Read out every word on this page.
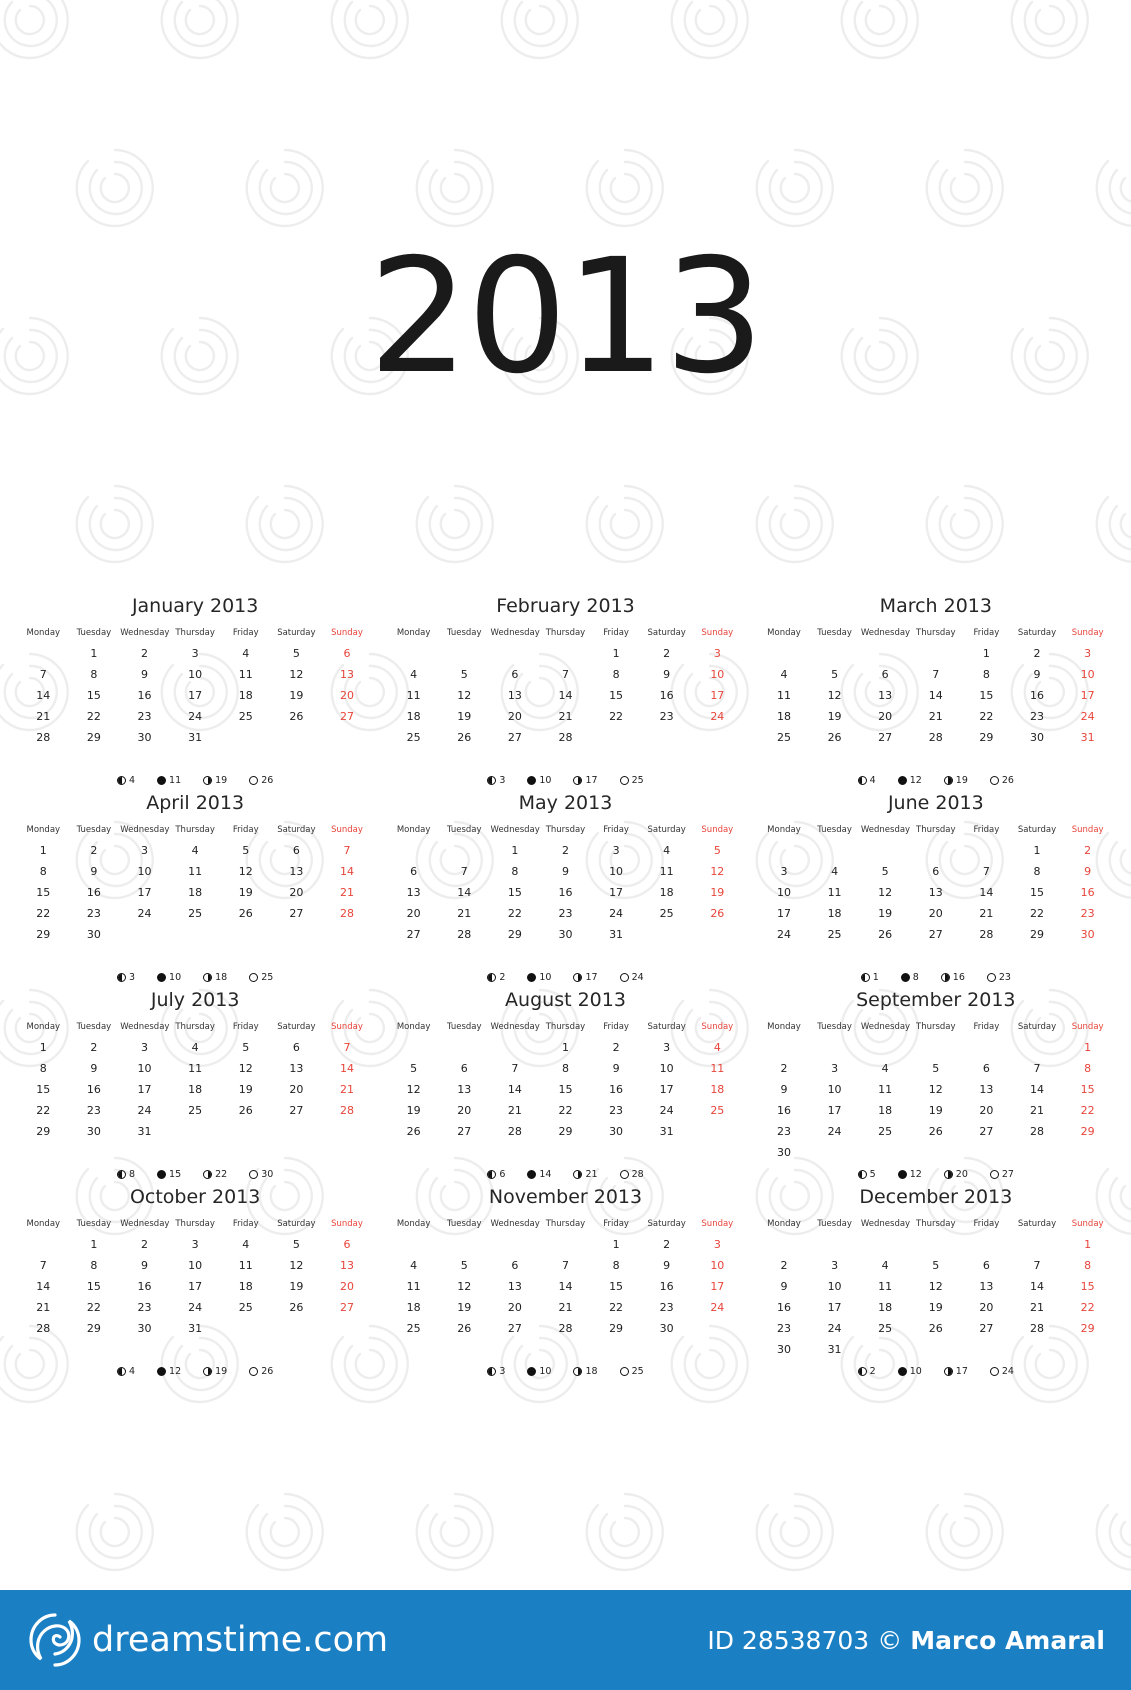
2013
January 2013
Monday	Tuesday	Wednesday	Thursday	Friday	Saturday	Sunday
	1	2	3	4	5	6
7	8	9	10	11	12	13
14	15	16	17	18	19	20
21	22	23	24	25	26	27
28	29	30	31			
4	11	19	26
February 2013
Monday	Tuesday	Wednesday	Thursday	Friday	Saturday	Sunday
				1	2	3
4	5	6	7	8	9	10
11	12	13	14	15	16	17
18	19	20	21	22	23	24
25	26	27	28			
3	10	17	25
March 2013
Monday	Tuesday	Wednesday	Thursday	Friday	Saturday	Sunday
				1	2	3
4	5	6	7	8	9	10
11	12	13	14	15	16	17
18	19	20	21	22	23	24
25	26	27	28	29	30	31
4	12	19	26
April 2013
Monday	Tuesday	Wednesday	Thursday	Friday	Saturday	Sunday
1	2	3	4	5	6	7
8	9	10	11	12	13	14
15	16	17	18	19	20	21
22	23	24	25	26	27	28
29	30					
3	10	18	25
May 2013
Monday	Tuesday	Wednesday	Thursday	Friday	Saturday	Sunday
		1	2	3	4	5
6	7	8	9	10	11	12
13	14	15	16	17	18	19
20	21	22	23	24	25	26
27	28	29	30	31		
2	10	17	24
June 2013
Monday	Tuesday	Wednesday	Thursday	Friday	Saturday	Sunday
					1	2
3	4	5	6	7	8	9
10	11	12	13	14	15	16
17	18	19	20	21	22	23
24	25	26	27	28	29	30
1	8	16	23
July 2013
Monday	Tuesday	Wednesday	Thursday	Friday	Saturday	Sunday
1	2	3	4	5	6	7
8	9	10	11	12	13	14
15	16	17	18	19	20	21
22	23	24	25	26	27	28
29	30	31				
8	15	22	30
August 2013
Monday	Tuesday	Wednesday	Thursday	Friday	Saturday	Sunday
			1	2	3	4
5	6	7	8	9	10	11
12	13	14	15	16	17	18
19	20	21	22	23	24	25
26	27	28	29	30	31	
6	14	21	28
September 2013
Monday	Tuesday	Wednesday	Thursday	Friday	Saturday	Sunday
						1
2	3	4	5	6	7	8
9	10	11	12	13	14	15
16	17	18	19	20	21	22
23	24	25	26	27	28	29
30						
5	12	20	27
October 2013
Monday	Tuesday	Wednesday	Thursday	Friday	Saturday	Sunday
	1	2	3	4	5	6
7	8	9	10	11	12	13
14	15	16	17	18	19	20
21	22	23	24	25	26	27
28	29	30	31			
4	12	19	26
November 2013
Monday	Tuesday	Wednesday	Thursday	Friday	Saturday	Sunday
				1	2	3
4	5	6	7	8	9	10
11	12	13	14	15	16	17
18	19	20	21	22	23	24
25	26	27	28	29	30	
3	10	18	25
December 2013
Monday	Tuesday	Wednesday	Thursday	Friday	Saturday	Sunday
						1
2	3	4	5	6	7	8
9	10	11	12	13	14	15
16	17	18	19	20	21	22
23	24	25	26	27	28	29
30	31					
2	10	17	24
dreamstime.com	ID 28538703 © Marco Amaral
